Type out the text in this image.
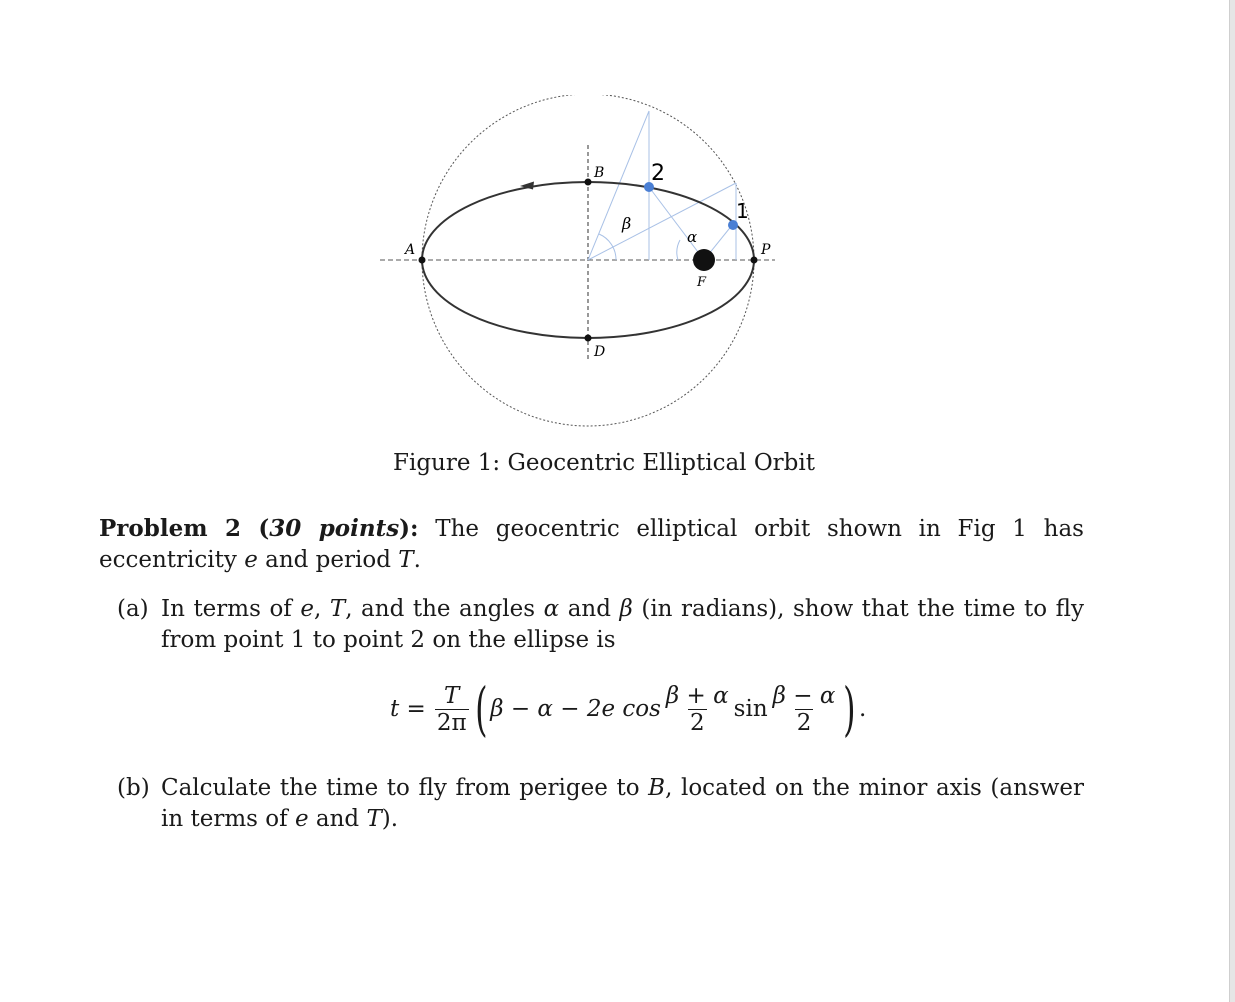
A	P
B
D
F
2
1
β
α
Figure 1: Geocentric Elliptical Orbit
Problem 2 (30 points): The geocentric elliptical orbit shown in Fig 1 has eccentricity e and period T.
(a) In terms of e, T, and the angles α and β (in radians), show that the time to fly from point 1 to point 2 on the ellipse is
$t = \frac{T}{2\pi}$ ( β − α − 2e $\cos \frac{\beta + \alpha}{2}$ $\sin \frac{\beta - \alpha}{2}$ ) .
(b) Calculate the time to fly from perigee to B, located on the minor axis (answer in terms of e and T).
